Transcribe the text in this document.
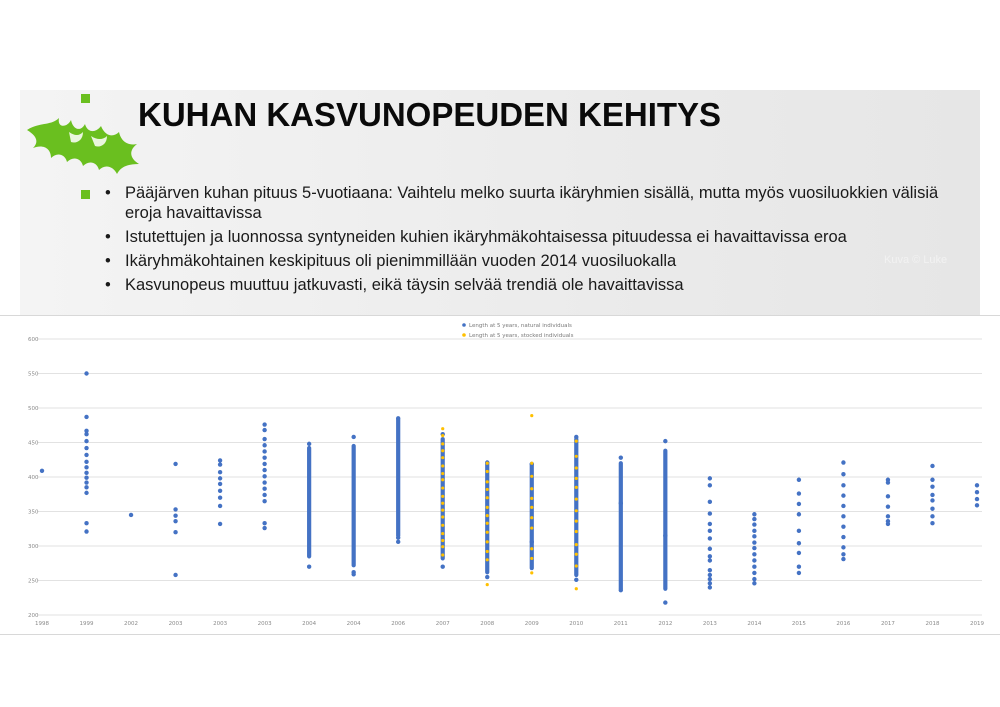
KUHAN KASVUNOPEUDEN KEHITYS
• Pääjärven kuhan pituus 5-vuotiaana: Vaihtelu melko suurta ikäryhmien sisällä, mutta myös vuosiluokkien välisiä eroja havaittavissa
• Istutettujen ja luonnossa syntyneiden kuhien ikäryhmäkohtaisessa pituudessa ei havaittavissa eroa
• Ikäryhmäkohtainen keskipituus oli pienimmillään vuoden 2014 vuosiluokalla
• Kasvunopeus muuttuu jatkuvasti, eikä täysin selvää trendiä ole havaittavissa
Kuva © Luke
200
250
300
350
400
450
500
550
600
1998	1999	2002	2003	2003	2003	2004	2004	2006	2007	2008	2009	2010	2011	2012	2013	2014	2015	2016	2017	2018	2019
Length at 5 years, natural individuals
Length at 5 years, stocked individuals
